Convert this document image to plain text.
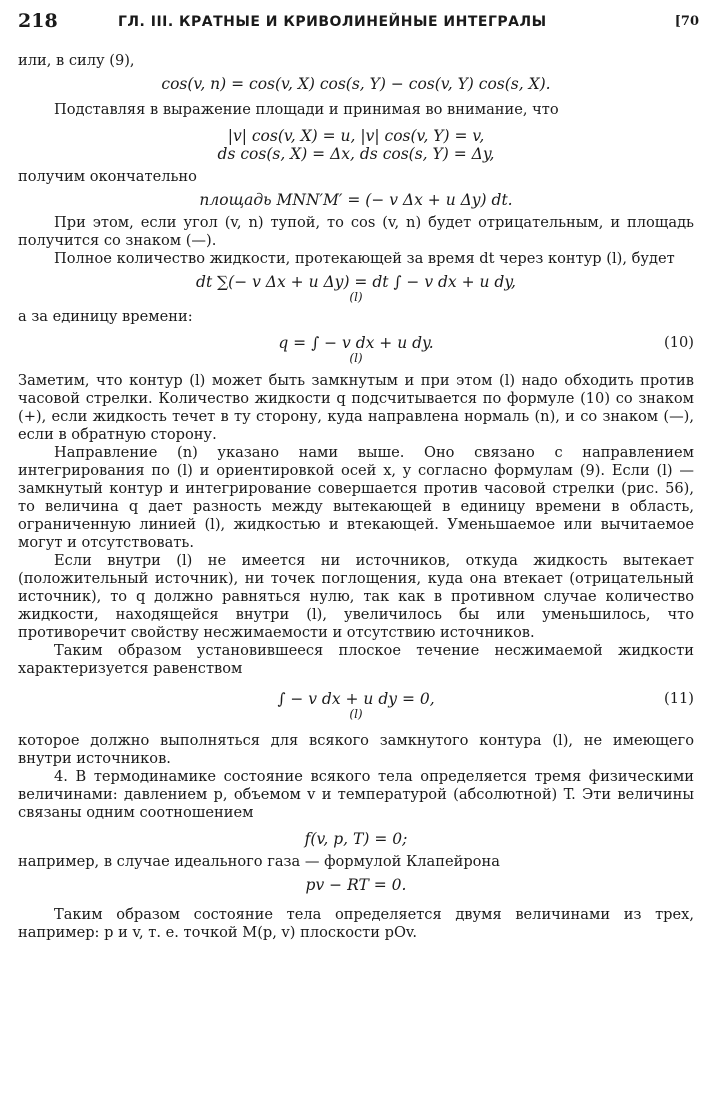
218	ГЛ. III. КРАТНЫЕ И КРИВОЛИНЕЙНЫЕ ИНТЕГРАЛЫ	[70

или, в силу (9),

cos(v, n) = cos(v, X) cos(s, Y) − cos(v, Y) cos(s, X).

Подставляя в выражение площади и принимая во внимание, что

|v| cos(v, X) = u, |v| cos(v, Y) = v,
ds cos(s, X) = Δx, ds cos(s, Y) = Δy,

получим окончательно

площадь MNN′M′ = (− v Δx + u Δy) dt.

При этом, если угол (v, n) тупой, то cos (v, n) будет отрицательным, и площадь получится со знаком (—).

Полное количество жидкости, протекающей за время dt через контур (l), будет

dt ∑(− v Δx + u Δy) = dt ∫ − v dx + u dy,
(l)

а за единицу времени:

q = ∫ − v dx + u dy.	(10)
(l)

Заметим, что контур (l) может быть замкнутым и при этом (l) надо обходить против часовой стрелки. Количество жидкости q подсчитывается по формуле (10) со знаком (+), если жидкость течет в ту сторону, куда направлена нормаль (n), и со знаком (—), если в обратную сторону.

Направление (n) указано нами выше. Оно связано с направлением интегрирования по (l) и ориентировкой осей x, y согласно формулам (9). Если (l) — замкнутый контур и интегрирование совершается против часовой стрелки (рис. 56), то величина q дает разность между вытекающей в единицу времени в область, ограниченную линией (l), жидкостью и втекающей. Уменьшаемое или вычитаемое могут и отсутствовать.

Если внутри (l) не имеется ни источников, откуда жидкость вытекает (положительный источник), ни точек поглощения, куда она втекает (отрицательный источник), то q должно равняться нулю, так как в противном случае количество жидкости, находящейся внутри (l), увеличилось бы или уменьшилось, что противоречит свойству несжимаемости и отсутствию источников.

Таким образом установившееся плоское течение несжимаемой жидкости характеризуется равенством

∫ − v dx + u dy = 0,	(11)
(l)

которое должно выполняться для всякого замкнутого контура (l), не имеющего внутри источников.

4. В термодинамике состояние всякого тела определяется тремя физическими величинами: давлением p, объемом v и температурой (абсолютной) T. Эти величины связаны одним соотношением

f(v, p, T) = 0;

например, в случае идеального газа — формулой Клапейрона

pv − RT = 0.

Таким образом состояние тела определяется двумя величинами из трех, например: p и v, т. е. точкой M(p, v) плоскости pOv.
